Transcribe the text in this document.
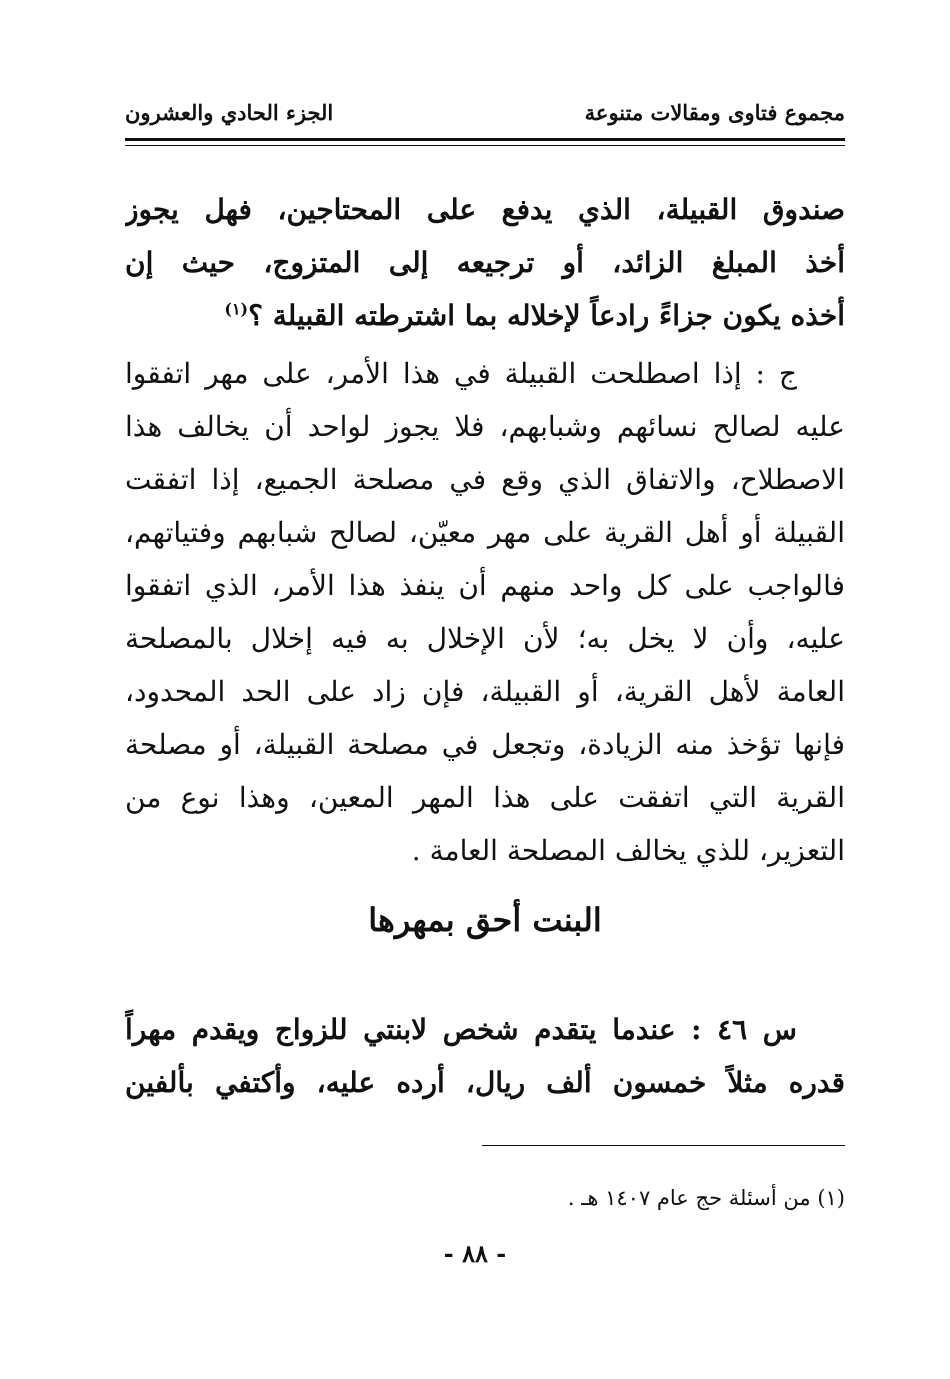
مجموع فتاوى ومقالات متنوعة
الجزء الحادي والعشرون
صندوق القبيلة، الذي يدفع على المحتاجين، فهل يجوز
أخذ المبلغ الزائد، أو ترجيعه إلى المتزوج، حيث إن
أخذه يكون جزاءً رادعاً لإخلاله بما اشترطته القبيلة ؟$^{(١)}$
ج : إذا اصطلحت القبيلة في هذا الأمر، على مهر اتفقوا
عليه لصالح نسائهم وشبابهم، فلا يجوز لواحد أن يخالف هذا
الاصطلاح، والاتفاق الذي وقع في مصلحة الجميع، إذا اتفقت
القبيلة أو أهل القرية على مهر معيّن، لصالح شبابهم وفتياتهم،
فالواجب على كل واحد منهم أن ينفذ هذا الأمر، الذي اتفقوا
عليه، وأن لا يخل به؛ لأن الإخلال به فيه إخلال بالمصلحة
العامة لأهل القرية، أو القبيلة، فإن زاد على الحد المحدود،
فإنها تؤخذ منه الزيادة، وتجعل في مصلحة القبيلة، أو مصلحة
القرية التي اتفقت على هذا المهر المعين، وهذا نوع من
التعزير، للذي يخالف المصلحة العامة .
البنت أحق بمهرها
س ٤٦ : عندما يتقدم شخص لابنتي للزواج ويقدم مهراً
قدره مثلاً خمسون ألف ريال، أرده عليه، وأكتفي بألفين
(١) من أسئلة حج عام ١٤٠٧ هـ .
- ٨٨ -
